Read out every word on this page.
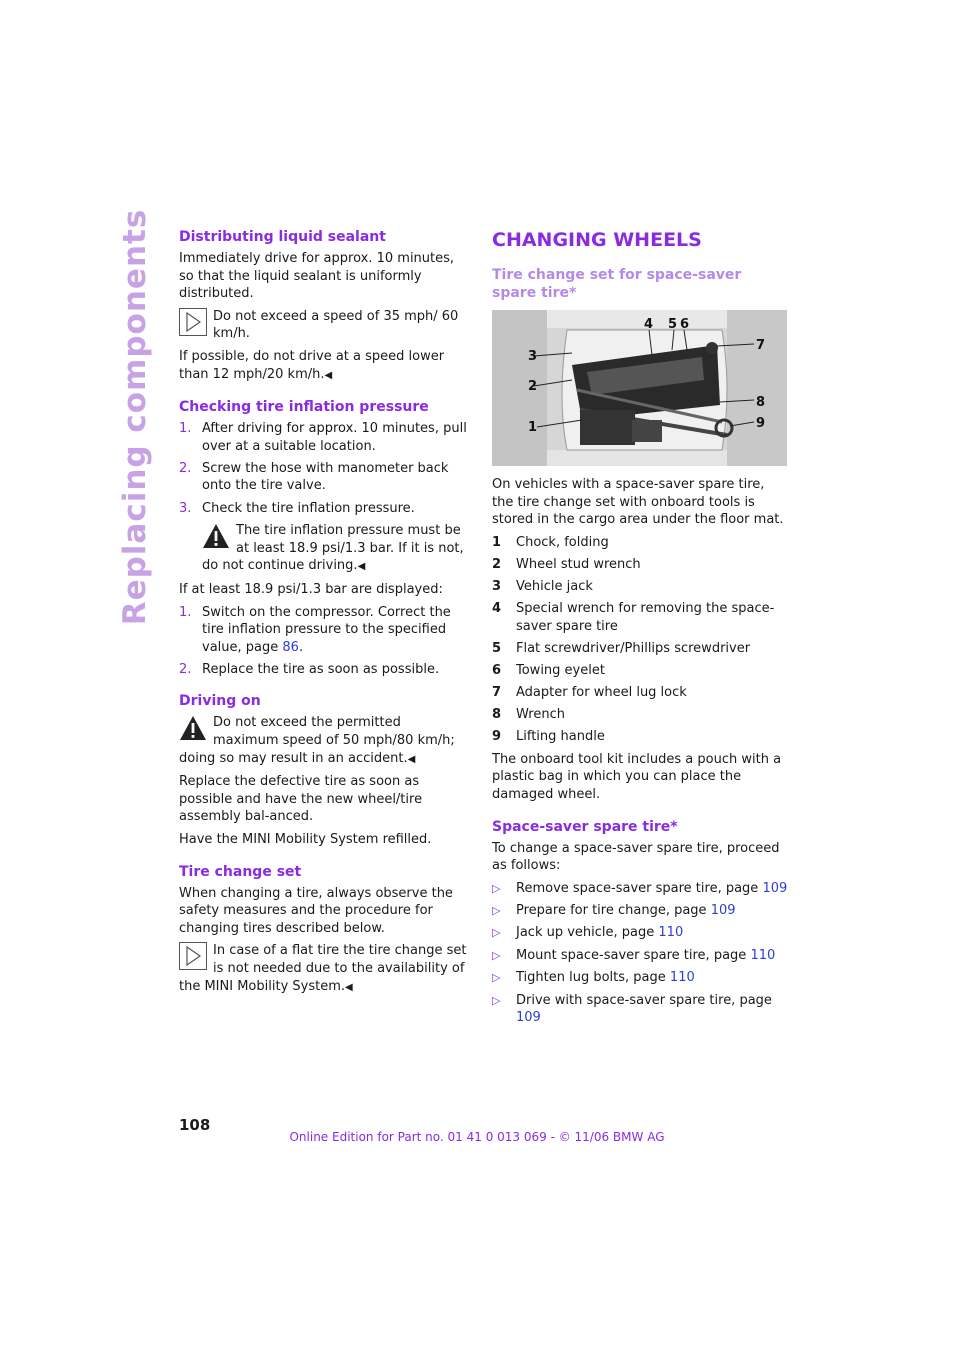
Replacing components Distributing liquid sealant

Immediately drive for approx. 10 minutes, so that the liquid sealant is uniformly distributed.

Do not exceed a speed of 35 mph/ 60 km/h.

If possible, do not drive at a speed lower than 12 mph/20 km/h.◀

Checking tire inflation pressure
1. After driving for approx. 10 minutes, pull over at a suitable location.
2. Screw the hose with manometer back onto the tire valve.
3. Check the tire inflation pressure.
The tire inflation pressure must be at least 18.9 psi/1.3 bar. If it is not, do not continue driving.◀

If at least 18.9 psi/1.3 bar are displayed:

1. Switch on the compressor. Correct the tire inflation pressure to the specified value, page 86.
2. Replace the tire as soon as possible.
Driving on
Do not exceed the permitted maximum speed of 50 mph/80 km/h; doing so may result in an accident.◀

Replace the defective tire as soon as possible and have the new wheel/tire assembly bal-anced.

Have the MINI Mobility System refilled.

Tire change set

When changing a tire, always observe the safety measures and the procedure for changing tires described below.

In case of a flat tire the tire change set is not needed due to the availability of the MINI Mobility System.◀
CHANGING WHEELS
Tire change set for space-saver spare tire*
1
2
3
4 5 6
7
8
9

On vehicles with a space-saver spare tire, the tire change set with onboard tools is stored in the cargo area under the floor mat.

1 Chock, folding
2 Wheel stud wrench
3 Vehicle jack
4 Special wrench for removing the space-saver spare tire
5 Flat screwdriver/Phillips screwdriver
6 Towing eyelet
7 Adapter for wheel lug lock
8 Wrench
9 Lifting handle

The onboard tool kit includes a pouch with a plastic bag in which you can place the damaged wheel.

Space-saver spare tire*

To change a space-saver spare tire, proceed as follows:

▷ Remove space-saver spare tire, page 109
▷ Prepare for tire change, page 109
▷ Jack up vehicle, page 110
▷ Mount space-saver spare tire, page 110
▷ Tighten lug bolts, page 110
▷ Drive with space-saver spare tire, page 109
108
Online Edition for Part no. 01 41 0 013 069 - © 11/06 BMW AG
